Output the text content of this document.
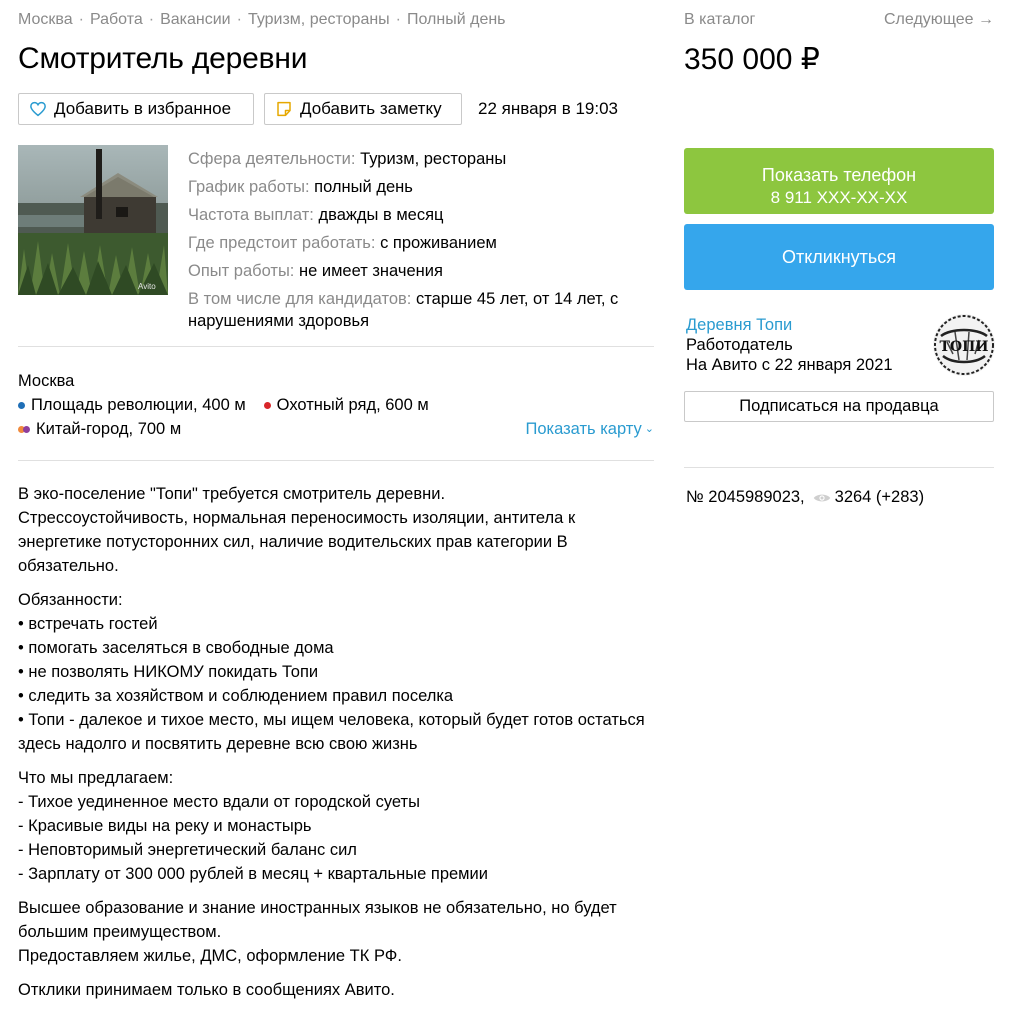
Москва · Работа · Вакансии · Туризм, рестораны · Полный день
Смотритель деревни
Добавить в избранное	Добавить заметку 22 января в 19:03
Avito
Сфера деятельности: Туризм, рестораны
График работы: полный день
Частота выплат: дважды в месяц
Где предстоит работать: с проживанием
Опыт работы: не имеет значения
В том числе для кандидатов: старше 45 лет, от 14 лет, с нарушениями здоровья
Москва
Площадь революции, 400 м Охотный ряд, 600 м
Китай-город, 700 м	Показать карту ⌄

В эко-поселение "Топи" требуется смотритель деревни.
Стрессоустойчивость, нормальная переносимость изоляции, антитела к энергетике потусторонних сил, наличие водительских прав категории В обязательно.

Обязанности:
• встречать гостей
• помогать заселяться в свободные дома
• не позволять НИКОМУ покидать Топи
• следить за хозяйством и соблюдением правил поселка
• Топи - далекое и тихое место, мы ищем человека, который будет готов остаться здесь надолго и посвятить деревне всю свою жизнь

Что мы предлагаем:
- Тихое уединенное место вдали от городской суеты
- Красивые виды на реку и монастырь
- Неповторимый энергетический баланс сил
- Зарплату от 300 000 рублей в месяц + квартальные премии

Высшее образование и знание иностранных языков не обязательно, но будет большим преимуществом.
Предоставляем жилье, ДМС, оформление ТК РФ.

Отклики принимаем только в сообщениях Авито.

В каталог	Следующее →
350 000 ₽
Показать телефон
8 911 XXX-XX-XX
Откликнуться
Деревня Топи
Работодатель
На Авито с 22 января 2021
ТОПИ
Подписаться на продавца
№ 2045989023, 3264 (+283)
